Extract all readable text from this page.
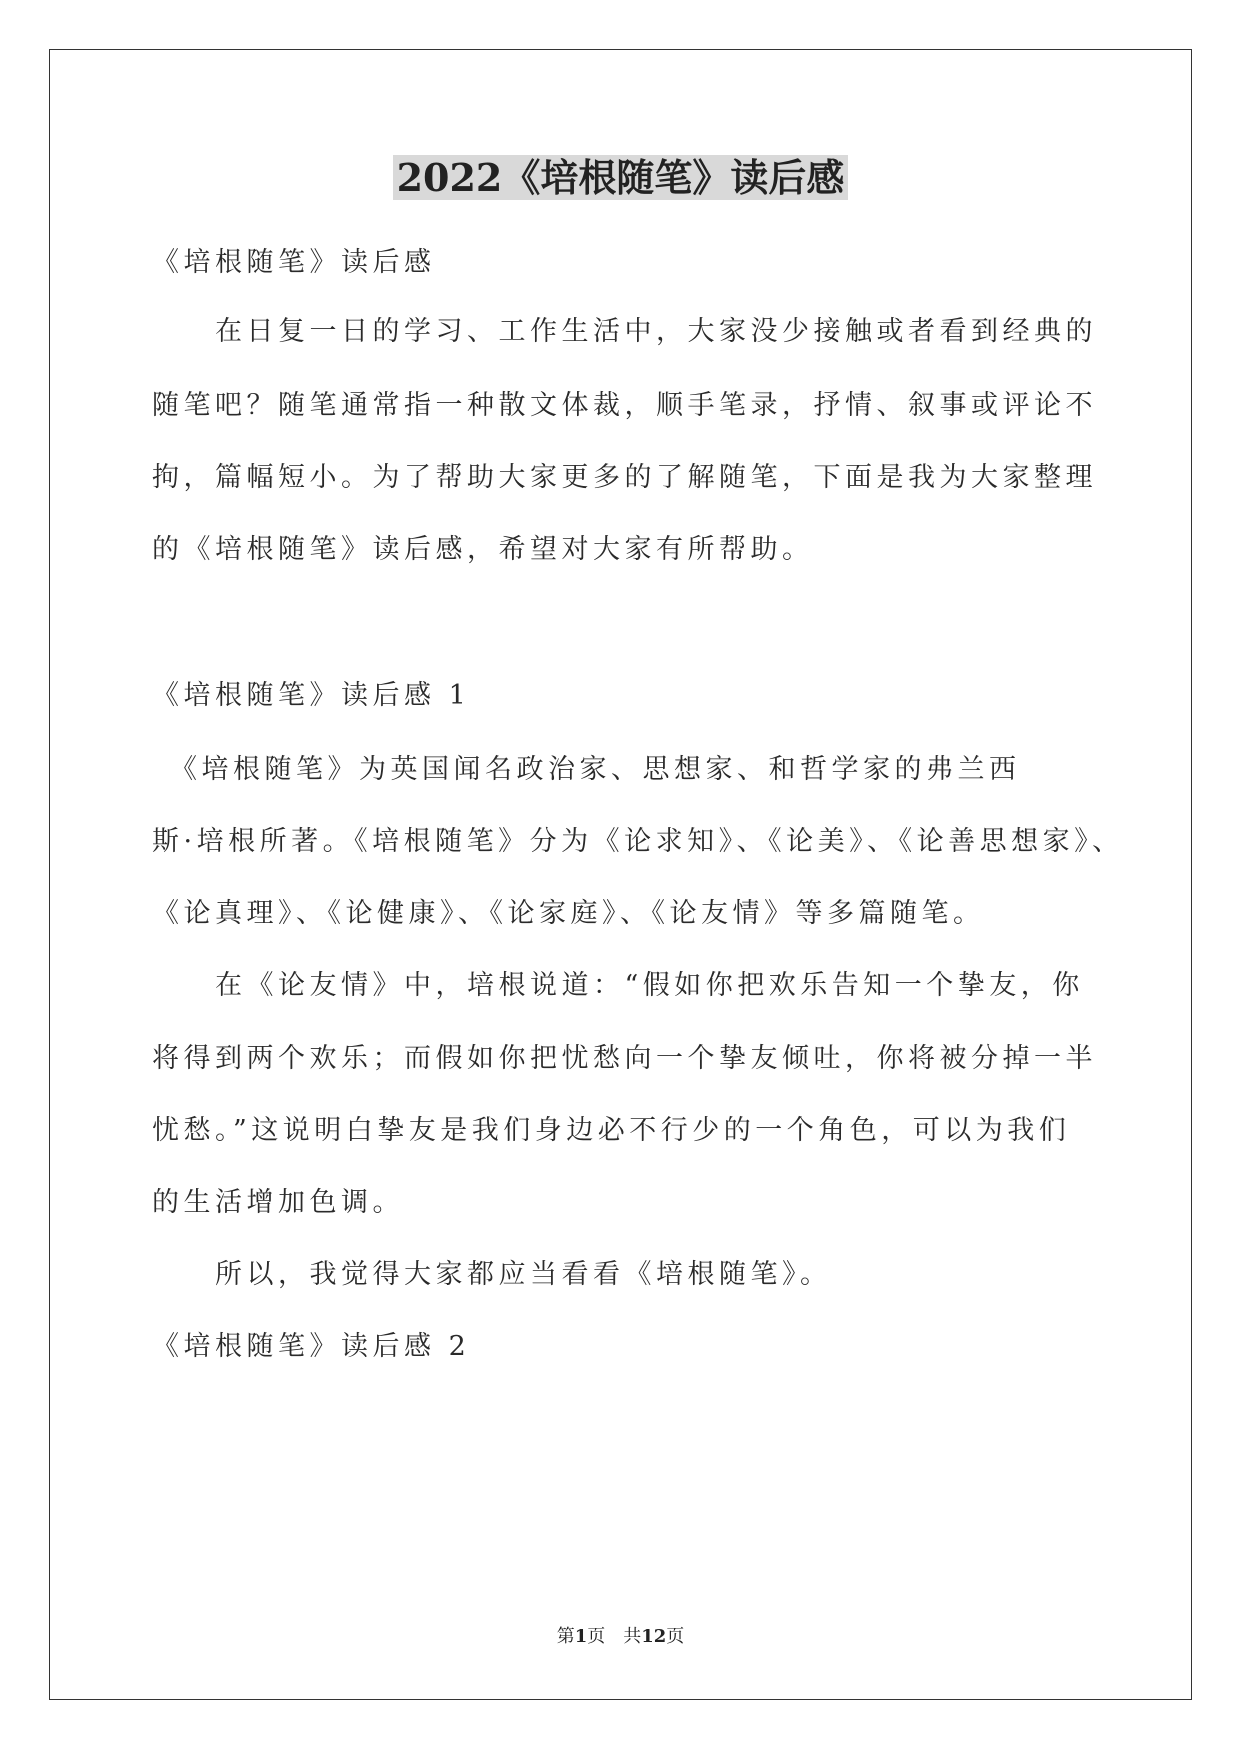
2022《培根随笔》读后感
《培根随笔》读后感
　　在日复一日的学习、工作生活中，大家没少接触或者看到经典的
随笔吧？随笔通常指一种散文体裁，顺手笔录，抒情、叙事或评论不
拘，篇幅短小。为了帮助大家更多的了解随笔，下面是我为大家整理
的《培根随笔》读后感，希望对大家有所帮助。
《培根随笔》读后感 1
　《培根随笔》为英国闻名政治家、思想家、和哲学家的弗兰西
斯·培根所著。《培根随笔》分为《论求知》、《论美》、《论善思想家》、
《论真理》、《论健康》、《论家庭》、《论友情》等多篇随笔。
　　在《论友情》中，培根说道：“假如你把欢乐告知一个挚友，你
将得到两个欢乐；而假如你把忧愁向一个挚友倾吐，你将被分掉一半
忧愁。”这说明白挚友是我们身边必不行少的一个角色，可以为我们
的生活增加色调。
　　所以，我觉得大家都应当看看《培根随笔》。
《培根随笔》读后感 2
第1页　共12页
